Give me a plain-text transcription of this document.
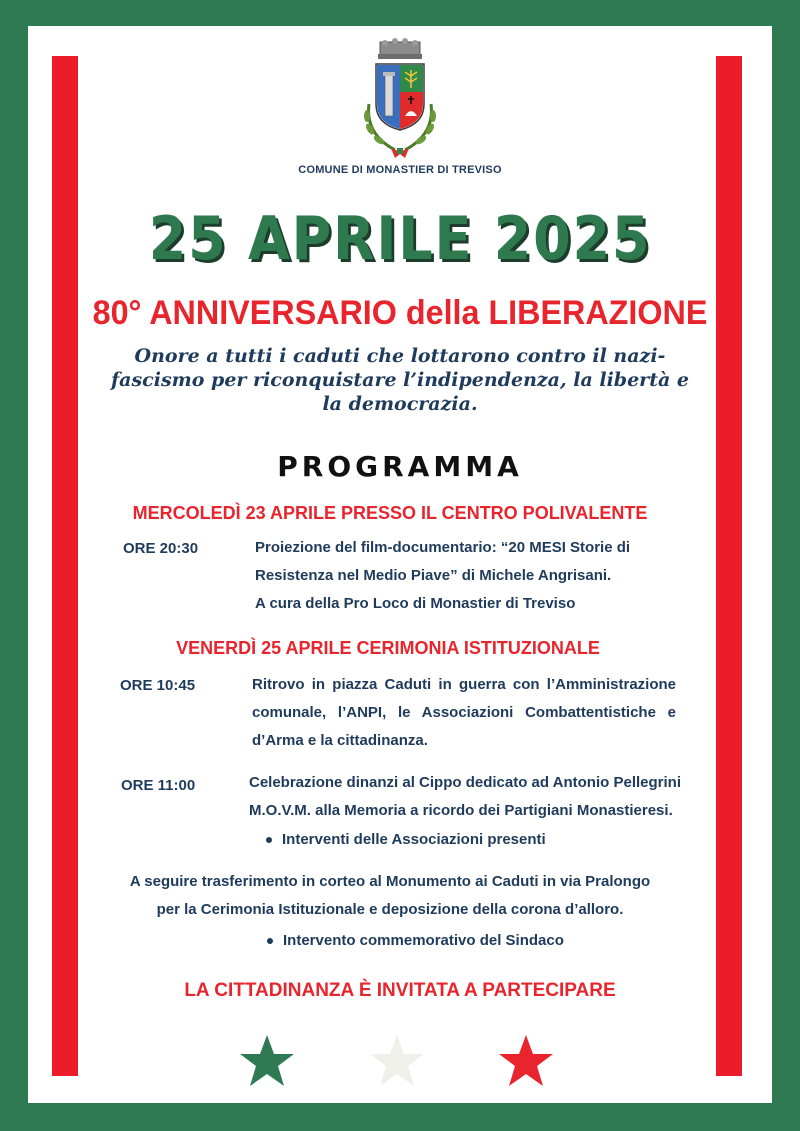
COMUNE DI MONASTIER DI TREVISO
25 APRILE 2025
80° ANNIVERSARIO della LIBERAZIONE
Onore a tutti i caduti che lottarono contro il nazi-fascismo per riconquistare l’indipendenza, la libertà e la democrazia.
PROGRAMMA
MERCOLEDÌ 23 APRILE PRESSO IL CENTRO POLIVALENTE
ORE 20:30	Proiezione del film-documentario: “20 MESI Storie di
Resistenza nel Medio Piave” di Michele Angrisani.
A cura della Pro Loco di Monastier di Treviso
VENERDÌ 25 APRILE CERIMONIA ISTITUZIONALE
ORE 10:45	Ritrovo in piazza Caduti in guerra con l’Amministrazione comunale, l’ANPI, le Associazioni Combattentistiche e d’Arma e la cittadinanza.
ORE 11:00	Celebrazione dinanzi al Cippo dedicato ad Antonio Pellegrini
M.O.V.M. alla Memoria a ricordo dei Partigiani Monastieresi.
Interventi delle Associazioni presenti
A seguire trasferimento in corteo al Monumento ai Caduti in via Pralongo
per la Cerimonia Istituzionale e deposizione della corona d’alloro.
Intervento commemorativo del Sindaco
LA CITTADINANZA È INVITATA A PARTECIPARE
